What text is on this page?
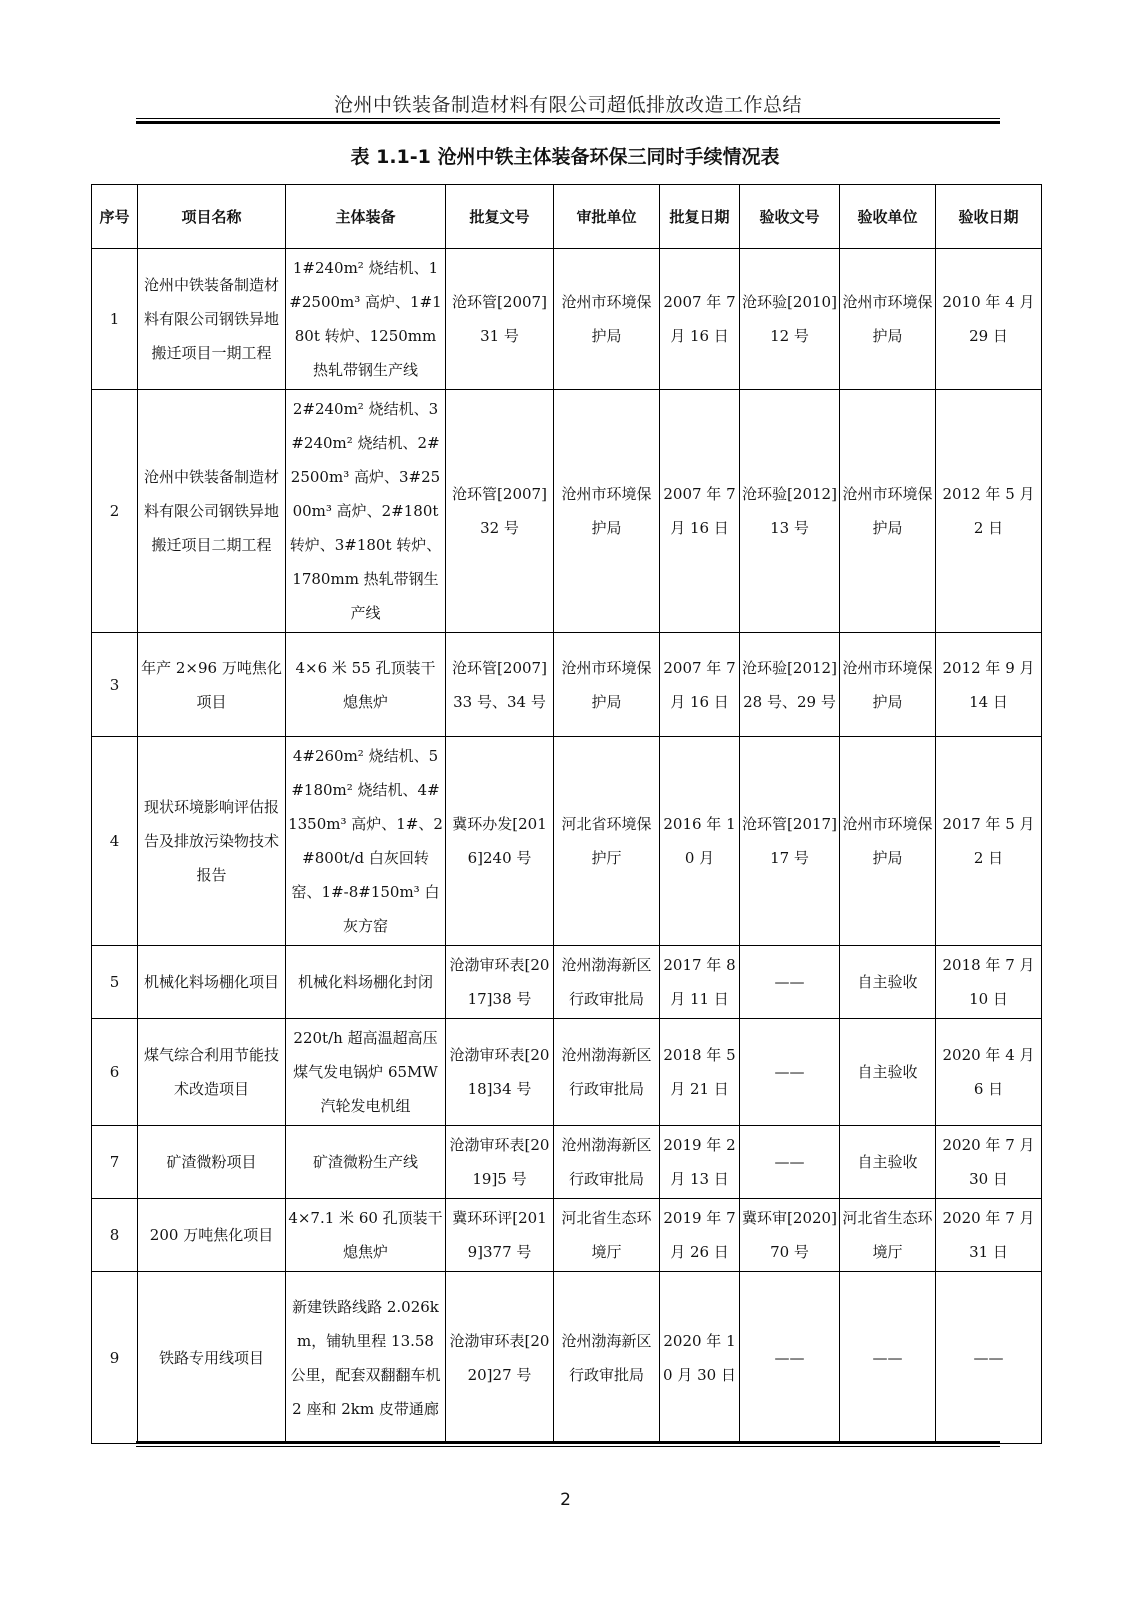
沧州中铁装备制造材料有限公司超低排放改造工作总结
表 1.1-1 沧州中铁主体装备环保三同时手续情况表
序号	项目名称	主体装备	批复文号	审批单位	批复日期	验收文号	验收单位	验收日期
1	沧州中铁装备制造材料有限公司钢铁异地搬迁项目一期工程	1#240m² 烧结机、1#2500m³ 高炉、1#180t 转炉、1250mm 热轧带钢生产线	沧环管[2007]31 号	沧州市环境保护局	2007 年 7 月 16 日	沧环验[2010]12 号	沧州市环境保护局	2010 年 4 月 29 日
2	沧州中铁装备制造材料有限公司钢铁异地搬迁项目二期工程	2#240m² 烧结机、3#240m² 烧结机、2#2500m³ 高炉、3#2500m³ 高炉、2#180t 转炉、3#180t 转炉、1780mm 热轧带钢生产线	沧环管[2007]32 号	沧州市环境保护局	2007 年 7 月 16 日	沧环验[2012]13 号	沧州市环境保护局	2012 年 5 月 2 日
3	年产 2×96 万吨焦化项目	4×6 米 55 孔顶装干熄焦炉	沧环管[2007]33 号、34 号	沧州市环境保护局	2007 年 7 月 16 日	沧环验[2012]28 号、29 号	沧州市环境保护局	2012 年 9 月 14 日
4	现状环境影响评估报告及排放污染物技术报告	4#260m² 烧结机、5#180m² 烧结机、4#1350m³ 高炉、1#、2#800t/d 白灰回转窑、1#-8#150m³ 白灰方窑	冀环办发[2016]240 号	河北省环境保护厅	2016 年 10 月	沧环管[2017]17 号	沧州市环境保护局	2017 年 5 月 2 日
5	机械化料场棚化项目	机械化料场棚化封闭	沧渤审环表[2017]38 号	沧州渤海新区行政审批局	2017 年 8 月 11 日	——	自主验收	2018 年 7 月 10 日
6	煤气综合利用节能技术改造项目	220t/h 超高温超高压煤气发电锅炉 65MW 汽轮发电机组	沧渤审环表[2018]34 号	沧州渤海新区行政审批局	2018 年 5 月 21 日	——	自主验收	2020 年 4 月 6 日
7	矿渣微粉项目	矿渣微粉生产线	沧渤审环表[2019]5 号	沧州渤海新区行政审批局	2019 年 2 月 13 日	——	自主验收	2020 年 7 月 30 日
8	200 万吨焦化项目	4×7.1 米 60 孔顶装干熄焦炉	冀环环评[2019]377 号	河北省生态环境厅	2019 年 7 月 26 日	冀环审[2020]70 号	河北省生态环境厅	2020 年 7 月 31 日
9	铁路专用线项目	新建铁路线路 2.026km，铺轨里程 13.58 公里，配套双翻翻车机 2 座和 2km 皮带通廊	沧渤审环表[2020]27 号	沧州渤海新区行政审批局	2020 年 10 月 30 日	——	——	——
2
